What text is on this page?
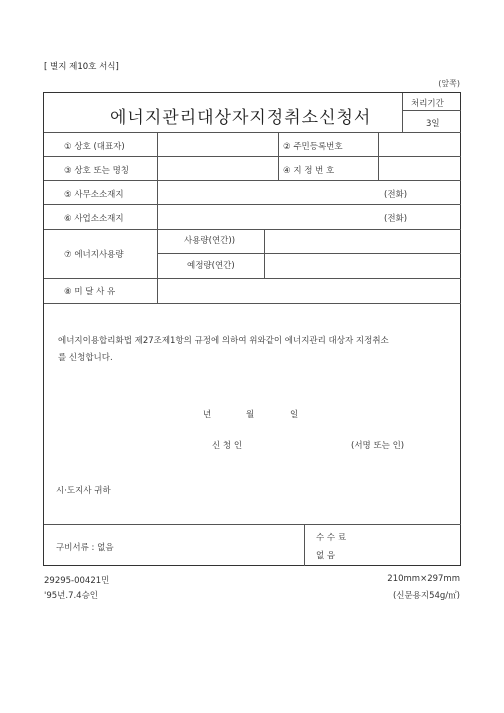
[ 별지 제10호 서식]
(앞쪽)
에너지관리대상자지정취소신청서
처리기간
3일
① 상호 (대표자)	② 주민등록번호
③ 상호 또는 명칭	④ 지 정 번 호
⑤ 사무소소재지	(전화)
⑥ 사업소소재지	(전화)
⑦ 에너지사용량
사용량(연간))
예정량(연간)
⑧ 미 달 사 유
에너지이용합리화법 제27조제1항의 규정에 의하여 위와같이 에너지관리 대상자 지정취소
를 신청합니다.
년	월	일
신 청 인	(서명 또는 인)
시·도지사 귀하
구비서류 : 없음
수 수 료
없 음
29295-00421민
'95년.7.4승인
210mm×297mm
(신문용지54g/㎡)
